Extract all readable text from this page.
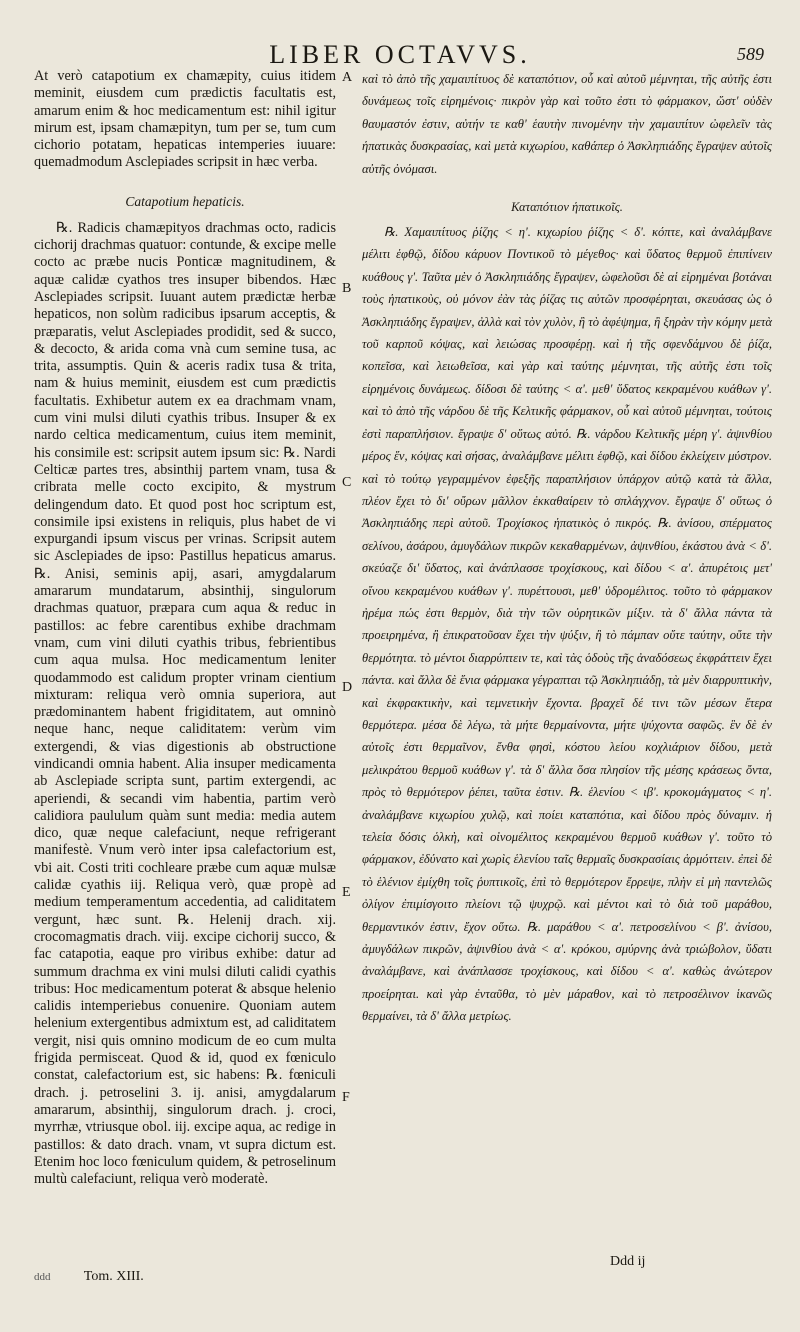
LIBER OCTAVVS.	589

At verò catapotium ex chamæpity, cuius itidem meminit, eiusdem cum prædictis facultatis est, amarum enim & hoc medicamentum est: nihil igitur mirum est, ipsam chamæpityn, tum per se, tum cum cichorio potatam, hepaticas intemperies iuuare: quemadmodum Asclepiades scripsit in hæc verba.

Catapotium hepaticis.

℞. Radicis chamæpityos drachmas octo, radicis cichorij drachmas quatuor: contunde, & excipe melle cocto ac præbe nucis Ponticæ magnitudinem, & aquæ calidæ cyathos tres insuper bibendos. Hæc Asclepiades scripsit. Iuuant autem prædictæ herbæ hepaticos, non solùm radicibus ipsarum acceptis, & præparatis, velut Asclepiades prodidit, sed & succo, & decocto, & arida coma vnà cum semine tusa, ac trita, assumptis. Quin & aceris radix tusa & trita, nam & huius meminit, eiusdem est cum prædictis facultatis. Exhibetur autem ex ea drachmam vnam, cum vini mulsi diluti cyathis tribus. Insuper & ex nardo celtica medicamentum, cuius item meminit, his consimile est: scripsit autem ipsum sic: ℞. Nardi Celticæ partes tres, absinthij partem vnam, tusa & cribrata melle cocto excipito, & mystrum delingendum dato. Et quod post hoc scriptum est, consimile ipsi existens in reliquis, plus habet de vi expurgandi ipsum viscus per vrinas. Scripsit autem sic Asclepiades de ipso: Pastillus hepaticus amarus. ℞. Anisi, seminis apij, asari, amygdalarum amararum mundatarum, absinthij, singulorum drachmas quatuor, præpara cum aqua & reduc in pastillos: ac febre carentibus exhibe drachmam vnam, cum vini diluti cyathis tribus, febrientibus cum aqua mulsa. Hoc medicamentum leniter quodammodo est calidum propter vrinam cientium mixturam: reliqua verò omnia superiora, aut prædominantem habent frigiditatem, aut omninò neque hanc, neque caliditatem: verùm vim extergendi, & vias digestionis ab obstructione vindicandi omnia habent. Alia insuper medicamenta ab Asclepiade scripta sunt, partim extergendi, ac aperiendi, & secandi vim habentia, partim verò calidiora paululum quàm sunt media: media autem dico, quæ neque calefaciunt, neque refrigerant manifestè. Vnum verò inter ipsa calefactorium est, vbi ait. Costi triti cochleare præbe cum aquæ mulsæ calidæ cyathis iij. Reliqua verò, quæ propè ad medium temperamentum accedentia, ad caliditatem vergunt, hæc sunt. ℞. Helenij drach. xij. crocomagmatis drach. viij. excipe cichorij succo, & fac catapotia, eaque pro viribus exhibe: datur ad summum drachma ex vini mulsi diluti calidi cyathis tribus: Hoc medicamentum poterat & absque helenio calidis intemperiebus conuenire. Quoniam autem helenium extergentibus admixtum est, ad caliditatem vergit, nisi quis omnino modicum de eo cum multa frigida permisceat. Quod & id, quod ex fœniculo constat, calefactorium est, sic habens: ℞. fœniculi drach. j. petroselini 3. ij. anisi, amygdalarum amararum, absinthij, singulorum drach. j. croci, myrrhæ, vtriusque obol. iij. excipe aqua, ac redige in pastillos: & dato drach. vnam, vt supra dictum est. Etenim hoc loco fœniculum quidem, & petroselinum multù calefaciunt, reliqua verò moderatè.

A
B
C
D
E
F

καὶ τὸ ἀπὸ τῆς χαμαιπίτυος δὲ καταπότιον, οὗ καὶ αὐτοῦ μέμνηται, τῆς αὐτῆς ἐστι δυνάμεως τοῖς εἰρημένοις· πικρὸν γὰρ καὶ τοῦτο ἐστι τὸ φάρμακον, ὥστ' οὐδὲν θαυμαστόν ἐστιν, αὐτήν τε καθ' ἑαυτὴν πινομένην τὴν χαμαιπίτυν ὠφελεῖν τὰς ἡπατικὰς δυσκρασίας, καὶ μετὰ κιχωρίου, καθάπερ ὁ Ἀσκληπιάδης ἔγραψεν αὐτοῖς αὐτῆς ὀνόμασι.

Καταπότιον ἡπατικοῖς.

℞. Χαμαιπίτυος ῥίζης < η'. κιχωρίου ῥίζης < δ'. κόπτε, καὶ ἀναλάμβανε μέλιτι ἑφθῷ, δίδου κάρυον Ποντικοῦ τὸ μέγεθος· καὶ ὕδατος θερμοῦ ἐπιπίνειν κυάθους γ'. Ταῦτα μὲν ὁ Ἀσκληπιάδης ἔγραψεν, ὠφελοῦσι δὲ αἱ εἰρημέναι βοτάναι τοὺς ἡπατικοὺς, οὐ μόνον ἐὰν τὰς ῥίζας τις αὐτῶν προσφέρηται, σκευάσας ὡς ὁ Ἀσκληπιάδης ἔγραψεν, ἀλλὰ καὶ τὸν χυλὸν, ἢ τὸ ἀφέψημα, ἢ ξηρὰν τὴν κόμην μετὰ τοῦ καρποῦ κόψας, καὶ λειώσας προσφέρῃ. καὶ ἡ τῆς σφενδάμνου δὲ ῥίζα, κοπεῖσα, καὶ λειωθεῖσα, καὶ γὰρ καὶ ταύτης μέμνηται, τῆς αὐτῆς ἐστι τοῖς εἰρημένοις δυνάμεως. δίδοσι δὲ ταύτης < α'. μεθ' ὕδατος κεκραμένου κυάθων γ'. καὶ τὸ ἀπὸ τῆς νάρδου δὲ τῆς Κελτικῆς φάρμακον, οὗ καὶ αὐτοῦ μέμνηται, τούτοις ἐστὶ παραπλήσιον. ἔγραψε δ' οὕτως αὐτό. ℞. νάρδου Κελτικῆς μέρη γ'. ἀψινθίου μέρος ἕν, κόψας καὶ σήσας, ἀναλάμβανε μέλιτι ἑφθῷ, καὶ δίδου ἐκλείχειν μύστρον. καὶ τὸ τούτῳ γεγραμμένον ἐφεξῆς παραπλήσιον ὑπάρχον αὐτῷ κατὰ τὰ ἄλλα, πλέον ἔχει τὸ δι' οὔρων μᾶλλον ἐκκαθαίρειν τὸ σπλάγχνον. ἔγραψε δ' οὕτως ὁ Ἀσκληπιάδης περὶ αὐτοῦ. Τροχίσκος ἡπατικὸς ὁ πικρός. ℞. ἀνίσου, σπέρματος σελίνου, ἀσάρου, ἀμυγδάλων πικρῶν κεκαθαρμένων, ἀψινθίου, ἑκάστου ἀνὰ < δ'. σκεύαζε δι' ὕδατος, καὶ ἀνάπλασσε τροχίσκους, καὶ δίδου < α'. ἀπυρέτοις μετ' οἴνου κεκραμένου κυάθων γ'. πυρέττουσι, μεθ' ὑδρομέλιτος. τοῦτο τὸ φάρμακον ἠρέμα πώς ἐστι θερμὸν, διὰ τὴν τῶν οὐρητικῶν μίξιν. τὰ δ' ἄλλα πάντα τὰ προειρημένα, ἢ ἐπικρατοῦσαν ἔχει τὴν ψύξιν, ἢ τὸ πάμπαν οὔτε ταύτην, οὔτε τὴν θερμότητα. τὸ μέντοι διαρρύπτειν τε, καὶ τὰς ὁδοὺς τῆς ἀναδόσεως ἐκφράττειν ἔχει πάντα. καὶ ἄλλα δὲ ἕνια φάρμακα γέγραπται τῷ Ἀσκληπιάδῃ, τὰ μὲν διαρρυπτικὴν, καὶ ἐκφρακτικὴν, καὶ τεμνετικὴν ἔχοντα. βραχεῖ δέ τινι τῶν μέσων ἔτερα θερμότερα. μέσα δὲ λέγω, τὰ μήτε θερμαίνοντα, μήτε ψύχοντα σαφῶς. ἓν δὲ ἐν αὐτοῖς ἐστι θερμαῖνον, ἔνθα φησὶ, κόστου λείου κοχλιάριον δίδου, μετὰ μελικράτου θερμοῦ κυάθων γ'. τὰ δ' ἄλλα ὅσα πλησίον τῆς μέσης κράσεως ὄντα, πρὸς τὸ θερμότερον ῥέπει, ταῦτα ἐστιν. ℞. ἑλενίου < ιβ'. κροκομάγματος < η'. ἀναλάμβανε κιχωρίου χυλῷ, καὶ ποίει καταπότια, καὶ δίδου πρὸς δύναμιν. ἡ τελεία δόσις ὁλκὴ, καὶ οἰνομέλιτος κεκραμένου θερμοῦ κυάθων γ'. τοῦτο τὸ φάρμακον, ἐδύνατο καὶ χωρὶς ἑλενίου ταῖς θερμαῖς δυσκρασίαις ἁρμόττειν. ἐπεὶ δὲ τὸ ἑλένιον ἐμίχθη τοῖς ῥυπτικοῖς, ἐπὶ τὸ θερμότερον ἔρρεψε, πλὴν εἰ μὴ παντελῶς ὀλίγον ἐπιμίσγοιτο πλείονι τῷ ψυχρῷ. καὶ μέντοι καὶ τὸ διὰ τοῦ μαράθου, θερμαντικόν ἐστιν, ἔχον οὕτω. ℞. μαράθου < α'. πετροσελίνου < β'. ἀνίσου, ἀμυγδάλων πικρῶν, ἀψινθίου ἀνὰ < α'. κρόκου, σμύρνης ἀνὰ τριώβολον, ὕδατι ἀναλάμβανε, καὶ ἀνάπλασσε τροχίσκους, καὶ δίδου < α'. καθὼς ἀνώτερον προείρηται. καὶ γὰρ ἐνταῦθα, τὸ μὲν μάραθον, καὶ τὸ πετροσέλινον ἱκανῶς θερμαίνει, τὰ δ' ἄλλα μετρίως.

ddd Tom. XIII.
Ddd ij
